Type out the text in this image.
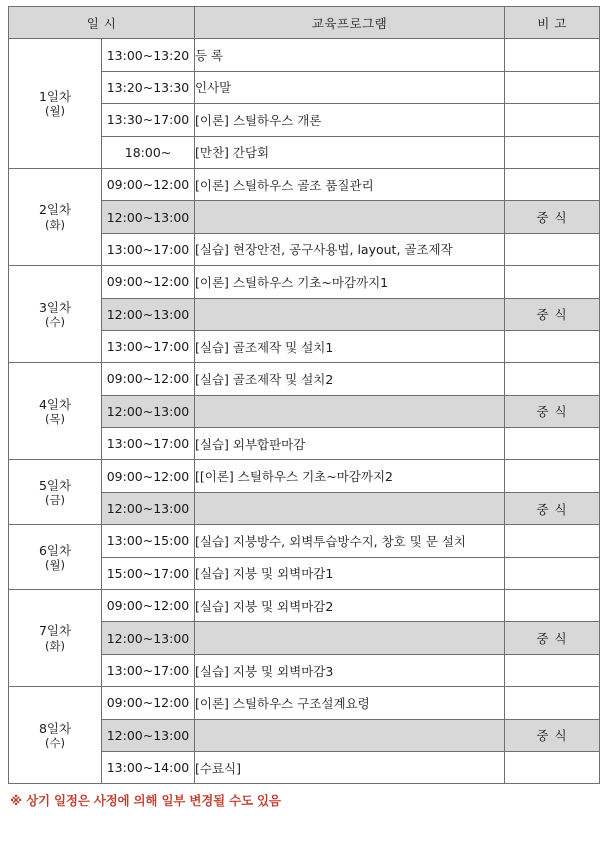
일 시		교육프로그램	비 고
1일차
(월)	13:00~13:20	등 록	
	13:20~13:30	인사말	
	13:30~17:00	[이론] 스틸하우스 개론	
	18:00~	[만찬] 간담회	
2일차
(화)	09:00~12:00	[이론] 스틸하우스 골조 품질관리	
	12:00~13:00		중 식
	13:00~17:00	[실습] 현장안전, 공구사용법, layout, 골조제작	
3일차
(수)	09:00~12:00	[이론] 스틸하우스 기초~마감까지1	
	12:00~13:00		중 식
	13:00~17:00	[실습] 골조제작 및 설치1	
4일차
(목)	09:00~12:00	[실습] 골조제작 및 설치2	
	12:00~13:00		중 식
	13:00~17:00	[실습] 외부합판마감	
5일차
(금)	09:00~12:00	[[이론] 스틸하우스 기초~마감까지2	
	12:00~13:00		중 식
6일차
(월)	13:00~15:00	[실습] 지붕방수, 외벽투습방수지, 창호 및 문 설치	
	15:00~17:00	[실습] 지붕 및 외벽마감1	
7일차
(화)	09:00~12:00	[실습] 지붕 및 외벽마감2	
	12:00~13:00		중 식
	13:00~17:00	[실습] 지붕 및 외벽마감3	
8일차
(수)	09:00~12:00	[이론] 스틸하우스 구조설계요령	
	12:00~13:00		중 식
	13:00~14:00	[수료식]	
※ 상기 일정은 사정에 의해 일부 변경될 수도 있음
